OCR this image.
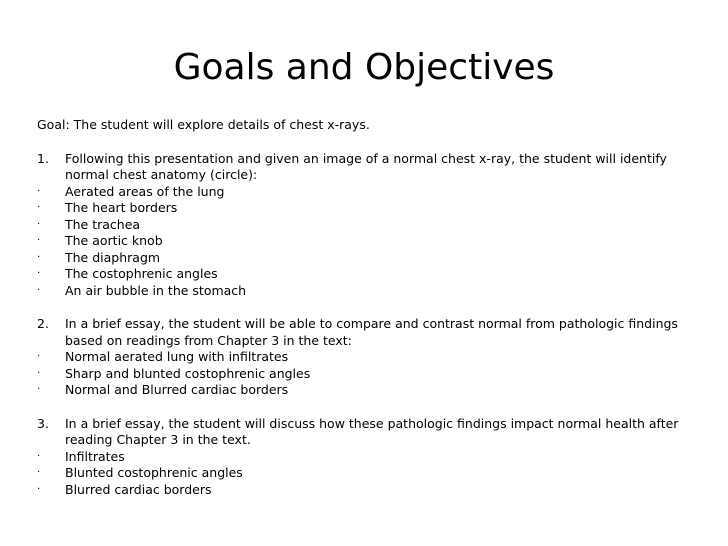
Goals and Objectives
Goal: The student will explore details of chest x-rays.
1.	Following this presentation and given an image of a normal chest x-ray, the student will identify normal chest anatomy (circle):
·	Aerated areas of the lung
·	The heart borders
·	The trachea
·	The aortic knob
·	The diaphragm
·	The costophrenic angles
·	An air bubble in the stomach
2.	In a brief essay, the student will be able to compare and contrast normal from pathologic findings based on readings from Chapter 3 in the text:
·	Normal aerated lung with infiltrates
·	Sharp and blunted costophrenic angles
·	Normal and Blurred cardiac borders
3.	In a brief essay, the student will discuss how these pathologic findings impact normal health after reading Chapter 3 in the text.
·	Infiltrates
·	Blunted costophrenic angles
·	Blurred cardiac borders
